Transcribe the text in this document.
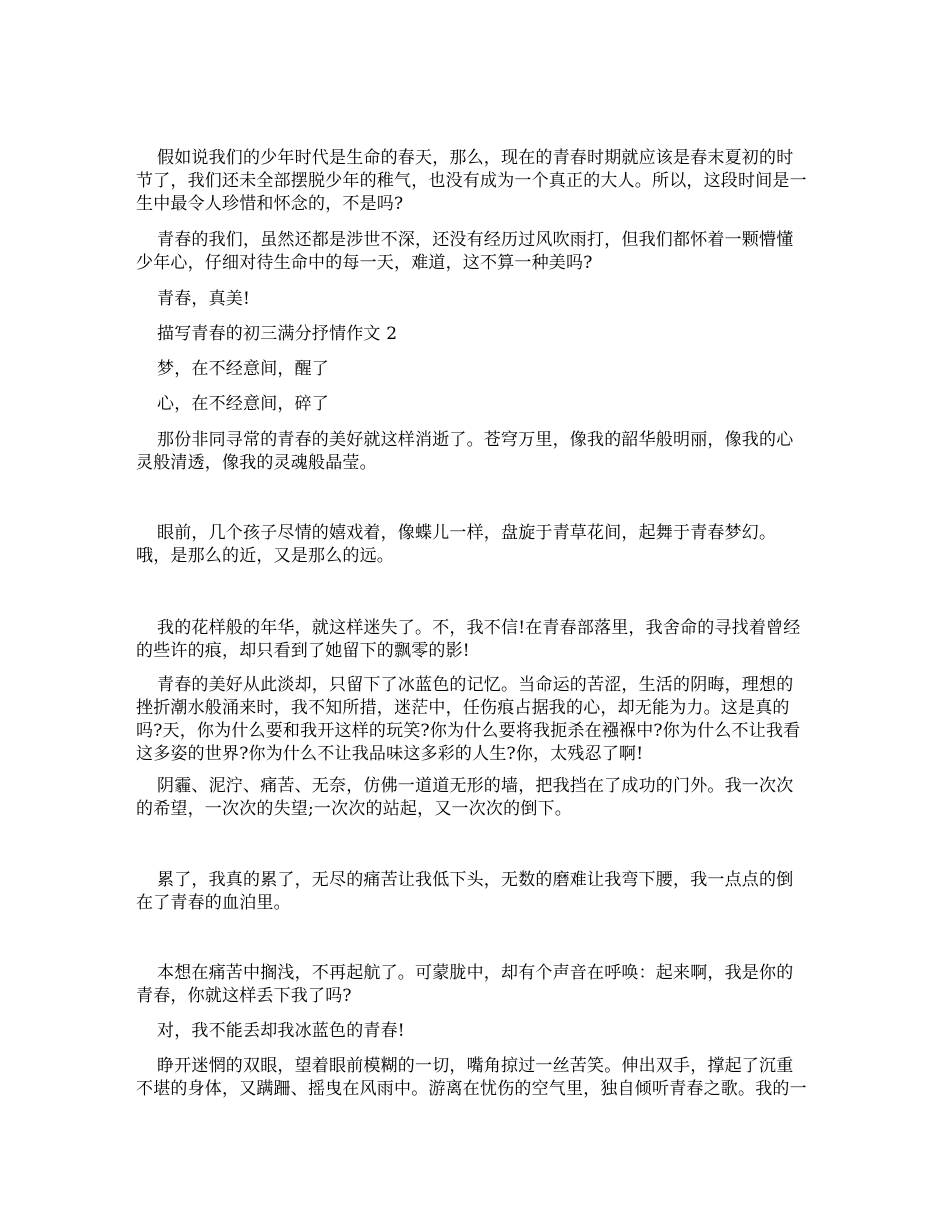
假如说我们的少年时代是生命的春天，那么，现在的青春时期就应该是春末夏初的时
节了，我们还未全部摆脱少年的稚气，也没有成为一个真正的大人。所以，这段时间是一
生中最令人珍惜和怀念的，不是吗?
青春的我们，虽然还都是涉世不深，还没有经历过风吹雨打，但我们都怀着一颗懵懂
少年心，仔细对待生命中的每一天，难道，这不算一种美吗?
青春，真美!
描写青春的初三满分抒情作文 2
梦，在不经意间，醒了
心，在不经意间，碎了
那份非同寻常的青春的美好就这样消逝了。苍穹万里，像我的韶华般明丽，像我的心
灵般清透，像我的灵魂般晶莹。
眼前，几个孩子尽情的嬉戏着，像蝶儿一样，盘旋于青草花间，起舞于青春梦幻。
哦，是那么的近，又是那么的远。
我的花样般的年华，就这样迷失了。不，我不信!在青春部落里，我舍命的寻找着曾经
的些许的痕，却只看到了她留下的飘零的影!
青春的美好从此淡却，只留下了冰蓝色的记忆。当命运的苦涩，生活的阴晦，理想的
挫折潮水般涌来时，我不知所措，迷茫中，任伤痕占据我的心，却无能为力。这是真的
吗?天，你为什么要和我开这样的玩笑?你为什么要将我扼杀在襁褓中?你为什么不让我看
这多姿的世界?你为什么不让我品味这多彩的人生?你，太残忍了啊!
阴霾、泥泞、痛苦、无奈，仿佛一道道无形的墙，把我挡在了成功的门外。我一次次
的希望，一次次的失望;一次次的站起，又一次次的倒下。
累了，我真的累了，无尽的痛苦让我低下头，无数的磨难让我弯下腰，我一点点的倒
在了青春的血泊里。
本想在痛苦中搁浅，不再起航了。可蒙胧中，却有个声音在呼唤：起来啊，我是你的
青春，你就这样丢下我了吗?
对，我不能丢却我冰蓝色的青春!
睁开迷惘的双眼，望着眼前模糊的一切，嘴角掠过一丝苦笑。伸出双手，撑起了沉重
不堪的身体，又蹒跚、摇曳在风雨中。游离在忧伤的空气里，独自倾听青春之歌。我的一
